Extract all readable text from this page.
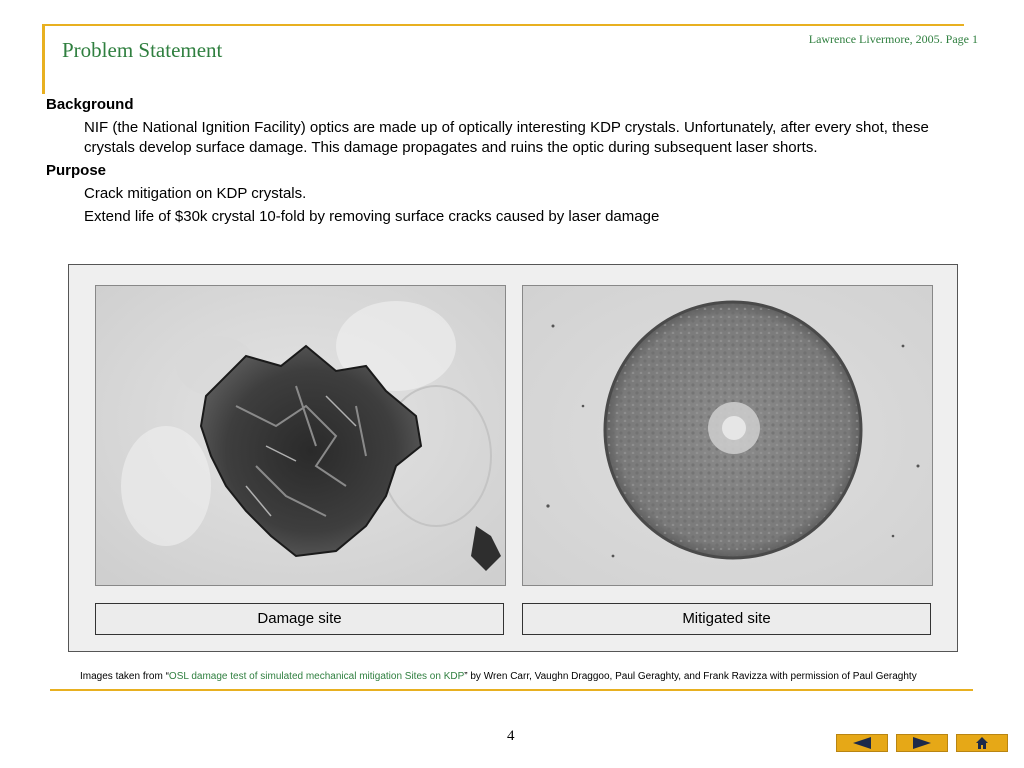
Problem Statement	Lawrence Livermore, 2005. Page 1
Background
NIF (the National Ignition Facility) optics are made up of optically interesting KDP crystals. Unfortunately, after every shot, these crystals develop surface damage. This damage propagates and ruins the optic during subsequent laser shorts.
Purpose
Crack mitigation on KDP crystals.
Extend life of $30k crystal 10-fold by removing surface cracks caused by laser damage
Damage site	Mitigated site
Images taken from “OSL damage test of simulated mechanical mitigation Sites on KDP” by Wren Carr, Vaughn Draggoo, Paul Geraghty, and Frank Ravizza with permission of Paul Geraghty
4
